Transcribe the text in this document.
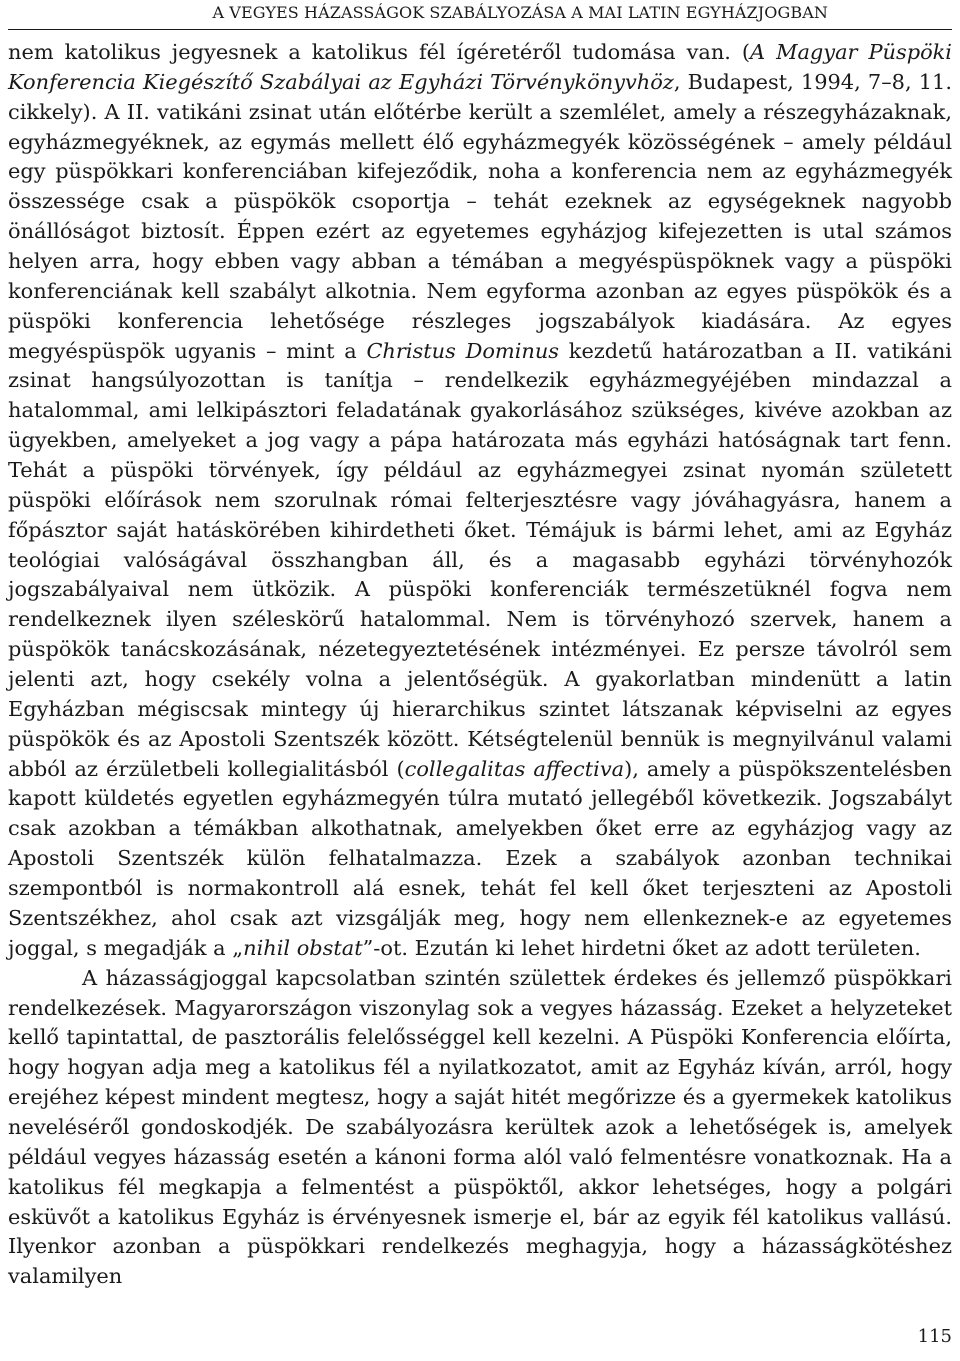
A VEGYES HÁZASSÁGOK SZABÁLYOZÁSA A MAI LATIN EGYHÁZJOGBAN

nem katolikus jegyesnek a katolikus fél ígéretéről tudomása van. (A Magyar Püspöki Konferencia Kiegészítő Szabályai az Egyházi Törvénykönyvhöz, Budapest, 1994, 7–8, 11. cikkely). A II. vatikáni zsinat után előtérbe került a szemlélet, amely a részegyházaknak, egyházmegyéknek, az egymás mellett élő egyházmegyék közösségének – amely például egy püspökkari konferenciában kifejeződik, noha a konferencia nem az egyházmegyék összessége csak a püspökök csoportja – tehát ezeknek az egységeknek nagyobb önállóságot biztosít. Éppen ezért az egyetemes egyházjog kifejezetten is utal számos helyen arra, hogy ebben vagy abban a témában a megyéspüspöknek vagy a püspöki konferenciának kell szabályt alkotnia. Nem egyforma azonban az egyes püspökök és a püspöki konferencia lehetősége részleges jogszabályok kiadására. Az egyes megyéspüspök ugyanis – mint a Christus Dominus kezdetű határozatban a II. vatikáni zsinat hangsúlyozottan is tanítja – rendelkezik egyházmegyéjében mindazzal a hatalommal, ami lelkipásztori feladatának gyakorlásához szükséges, kivéve azokban az ügyekben, amelyeket a jog vagy a pápa határozata más egyházi hatóságnak tart fenn. Tehát a püspöki törvények, így például az egyházmegyei zsinat nyomán született püspöki előírások nem szorulnak római felterjesztésre vagy jóváhagyásra, hanem a főpásztor saját hatáskörében kihirdetheti őket. Témájuk is bármi lehet, ami az Egyház teológiai valóságával összhangban áll, és a magasabb egyházi törvényhozók jogszabályaival nem ütközik. A püspöki konferenciák természetüknél fogva nem rendelkeznek ilyen széleskörű hatalommal. Nem is törvényhozó szervek, hanem a püspökök tanácskozásának, nézetegyeztetésének intézményei. Ez persze távolról sem jelenti azt, hogy csekély volna a jelentőségük. A gyakorlatban mindenütt a latin Egyházban mégiscsak mintegy új hierarchikus szintet látszanak képviselni az egyes püspökök és az Apostoli Szentszék között. Kétségtelenül bennük is megnyilvánul valami abból az érzületbeli kollegialitásból (collegalitas affectiva), amely a püspökszentelésben kapott küldetés egyetlen egyházmegyén túlra mutató jellegéből következik. Jogszabályt csak azokban a témákban alkothatnak, amelyekben őket erre az egyházjog vagy az Apostoli Szentszék külön felhatalmazza. Ezek a szabályok azonban technikai szempontból is normakontroll alá esnek, tehát fel kell őket terjeszteni az Apostoli Szentszékhez, ahol csak azt vizsgálják meg, hogy nem ellenkeznek-e az egyetemes joggal, s megadják a „nihil obstat”-ot. Ezután ki lehet hirdetni őket az adott területen.

A házasságjoggal kapcsolatban szintén születtek érdekes és jellemző püspökkari rendelkezések. Magyarországon viszonylag sok a vegyes házasság. Ezeket a helyzeteket kellő tapintattal, de pasztorális felelősséggel kell kezelni. A Püspöki Konferencia előírta, hogy hogyan adja meg a katolikus fél a nyilatkozatot, amit az Egyház kíván, arról, hogy erejéhez képest mindent megtesz, hogy a saját hitét megőrizze és a gyermekek katolikus neveléséről gondoskodjék. De szabályozásra kerültek azok a lehetőségek is, amelyek például vegyes házasság esetén a kánoni forma alól való felmentésre vonatkoznak. Ha a katolikus fél megkapja a felmentést a püspöktől, akkor lehetséges, hogy a polgári esküvőt a katolikus Egyház is érvényesnek ismerje el, bár az egyik fél katolikus vallású. Ilyenkor azonban a püspökkari rendelkezés meghagyja, hogy a házasságkötéshez valamilyen

115
